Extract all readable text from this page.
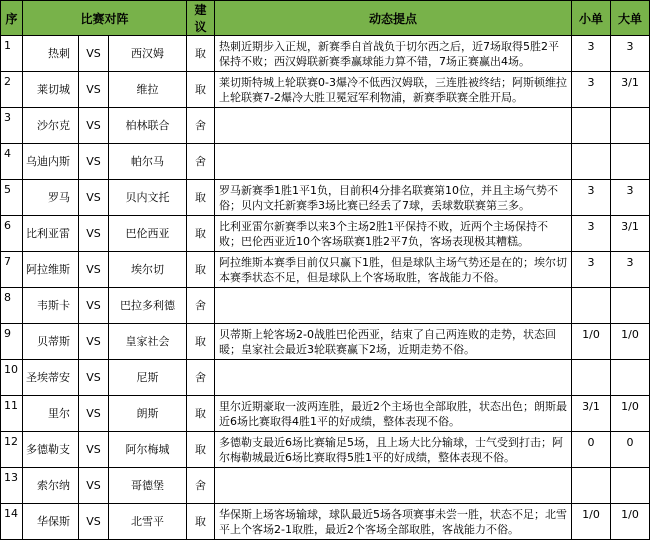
序	比赛对阵			建议	动态提点	小单	大单
1	热刺	VS	西汉姆	取	热刺近期步入正规，新赛季自首战负于切尔西之后，近7场取得5胜2平保持不败；西汉姆联新赛季赢球能力算不错，7场正赛赢出4场。	3	3
2	莱切城	VS	维拉	取	莱切斯特城上轮联赛0-3爆冷不低西汉姆联，三连胜被终结；阿斯顿维拉上轮联赛7-2爆冷大胜卫冕冠军利物浦，新赛季联赛全胜开局。	3	3/1
3	沙尔克	VS	柏林联合	舍			
4	乌迪内斯	VS	帕尔马	舍			
5	罗马	VS	贝内文托	取	罗马新赛季1胜1平1负，目前积4分排名联赛第10位，并且主场气势不俗；贝内文托新赛季3场比赛已经丢了7球，丢球数联赛第三多。	3	3
6	比利亚雷	VS	巴伦西亚	取	比利亚雷尔新赛季以来3个主场2胜1平保持不败，近两个主场保持不败；巴伦西亚近10个客场联赛1胜2平7负，客场表现极其糟糕。	3	3/1
7	阿拉维斯	VS	埃尔切	取	阿拉维斯本赛季目前仅只赢下1胜，但是球队主场气势还是在的；埃尔切本赛季状态不足，但是球队上个客场取胜，客战能力不俗。	3	3
8	韦斯卡	VS	巴拉多利德	舍			
9	贝蒂斯	VS	皇家社会	取	贝蒂斯上轮客场2-0战胜巴伦西亚，结束了自己两连败的走势，状态回暖；皇家社会最近3轮联赛赢下2场，近期走势不俗。	1/0	1/0
10	圣埃蒂安	VS	尼斯	舍			
11	里尔	VS	朗斯	取	里尔近期豪取一波两连胜，最近2个主场也全部取胜，状态出色；朗斯最近6场比赛取得4胜1平的好成绩，整体表现不俗。	3/1	1/0
12	多德勒支	VS	阿尔梅城	取	多德勒支最近6场比赛输足5场，且上场大比分输球，士气受到打击；阿尔梅勒城最近6场比赛取得5胜1平的好成绩，整体表现不俗。	0	0
13	索尔纳	VS	哥德堡	舍			
14	华保斯	VS	北雪平	取	华保斯上场客场输球，球队最近5场各项赛事未尝一胜，状态不足；北雪平上个客场2-1取胜，最近2个客场全部取胜，客战能力不俗。	1/0	1/0
